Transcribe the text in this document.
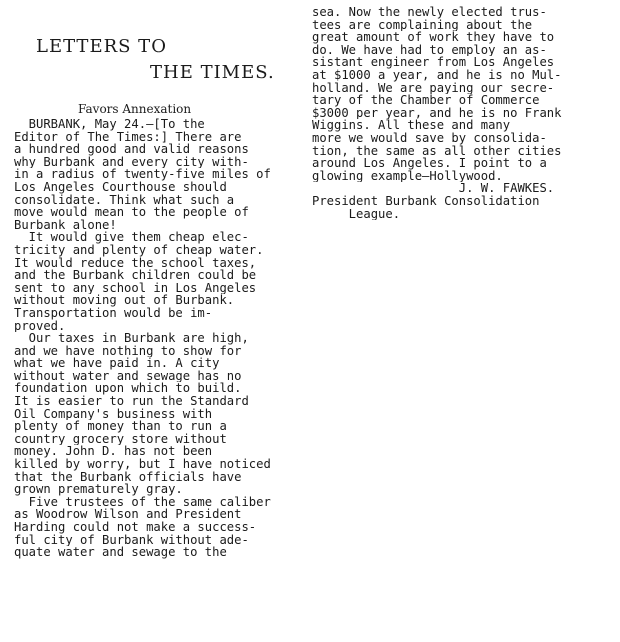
LETTERS TO
THE TIMES.
Favors Annexation
BURBANK, May 24.—[To the
Editor of The Times:] There are
a hundred good and valid reasons
why Burbank and every city with-
in a radius of twenty-five miles of
Los Angeles Courthouse should
consolidate. Think what such a
move would mean to the people of
Burbank alone!
It would give them cheap elec-
tricity and plenty of cheap water.
It would reduce the school taxes,
and the Burbank children could be
sent to any school in Los Angeles
without moving out of Burbank.
Transportation would be im-
proved.
Our taxes in Burbank are high,
and we have nothing to show for
what we have paid in. A city
without water and sewage has no
foundation upon which to build.
It is easier to run the Standard
Oil Company's business with
plenty of money than to run a
country grocery store without
money. John D. has not been
killed by worry, but I have noticed
that the Burbank officials have
grown prematurely gray.
Five trustees of the same caliber
as Woodrow Wilson and President
Harding could not make a success-
ful city of Burbank without ade-
quate water and sewage to the
sea. Now the newly elected trus-
tees are complaining about the
great amount of work they have to
do. We have had to employ an as-
sistant engineer from Los Angeles
at $1000 a year, and he is no Mul-
holland. We are paying our secre-
tary of the Chamber of Commerce
$3000 per year, and he is no Frank
Wiggins. All these and many
more we would save by consolida-
tion, the same as all other cities
around Los Angeles. I point to a
glowing example—Hollywood.
J. W. FAWKES.
President Burbank Consolidation
League.
